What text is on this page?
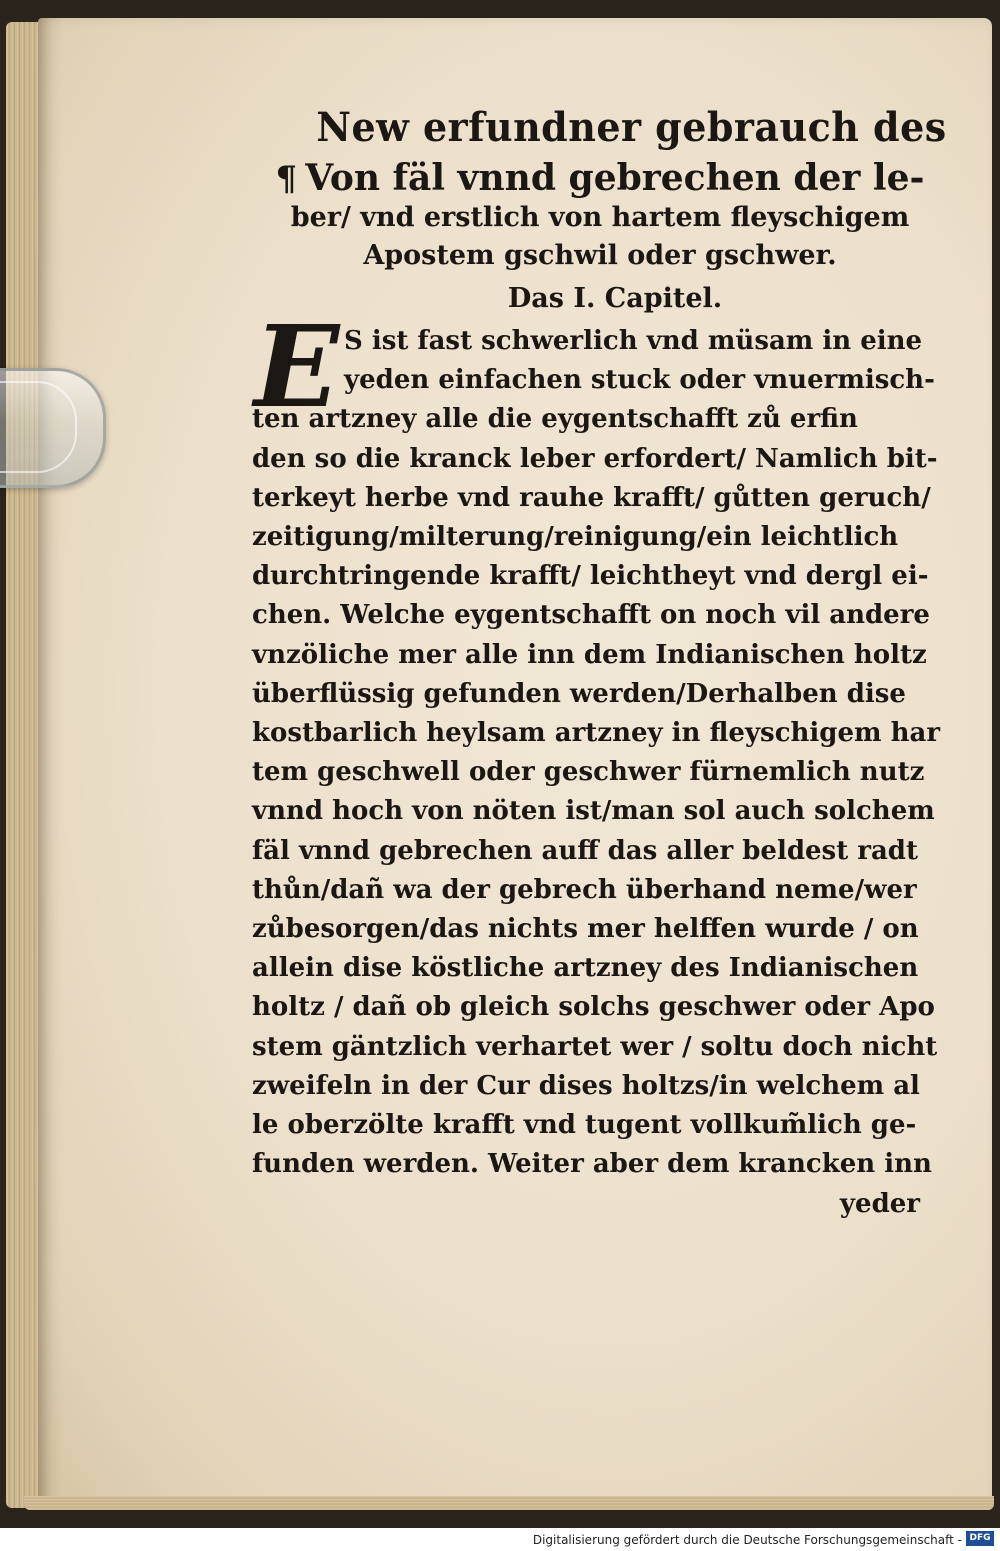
New erfundner gebrauch des
¶ Von fäl vnnd gebrechen der le-
ber/ vnd erstlich von hartem fleyschigem
Apostem gschwil oder gschwer.
Das I. Capitel.
E S ist fast schwerlich vnd müsam in eine
yeden einfachen stuck oder vnuermisch-
ten artzney alle die eygentschafft zů erfin
den so die kranck leber erfordert/ Namlich bit-
terkeyt herbe vnd rauhe krafft/ gůtten geruch/
zeitigung/milterung/reinigung/ein leichtlich
durchtringende krafft/ leichtheyt vnd dergl ei-
chen. Welche eygentschafft on noch vil andere
vnzöliche mer alle inn dem Indianischen holtz
überflüssig gefunden werden/Derhalben dise
kostbarlich heylsam artzney in fleyschigem har
tem geschwell oder geschwer fürnemlich nutz
vnnd hoch von nöten ist/man sol auch solchem
fäl vnnd gebrechen auff das aller beldest radt
thůn/dañ wa der gebrech überhand neme/wer
zůbesorgen/das nichts mer helffen wurde / on
allein dise köstliche artzney des Indianischen
holtz / dañ ob gleich solchs geschwer oder Apo
stem gäntzlich verhartet wer / soltu doch nicht
zweifeln in der Cur dises holtzs/in welchem al
le oberzölte krafft vnd tugent vollkum̃lich ge-
funden werden. Weiter aber dem krancken inn
yeder
Digitalisierung gefördert durch die Deutsche Forschungsgemeinschaft - DFG
